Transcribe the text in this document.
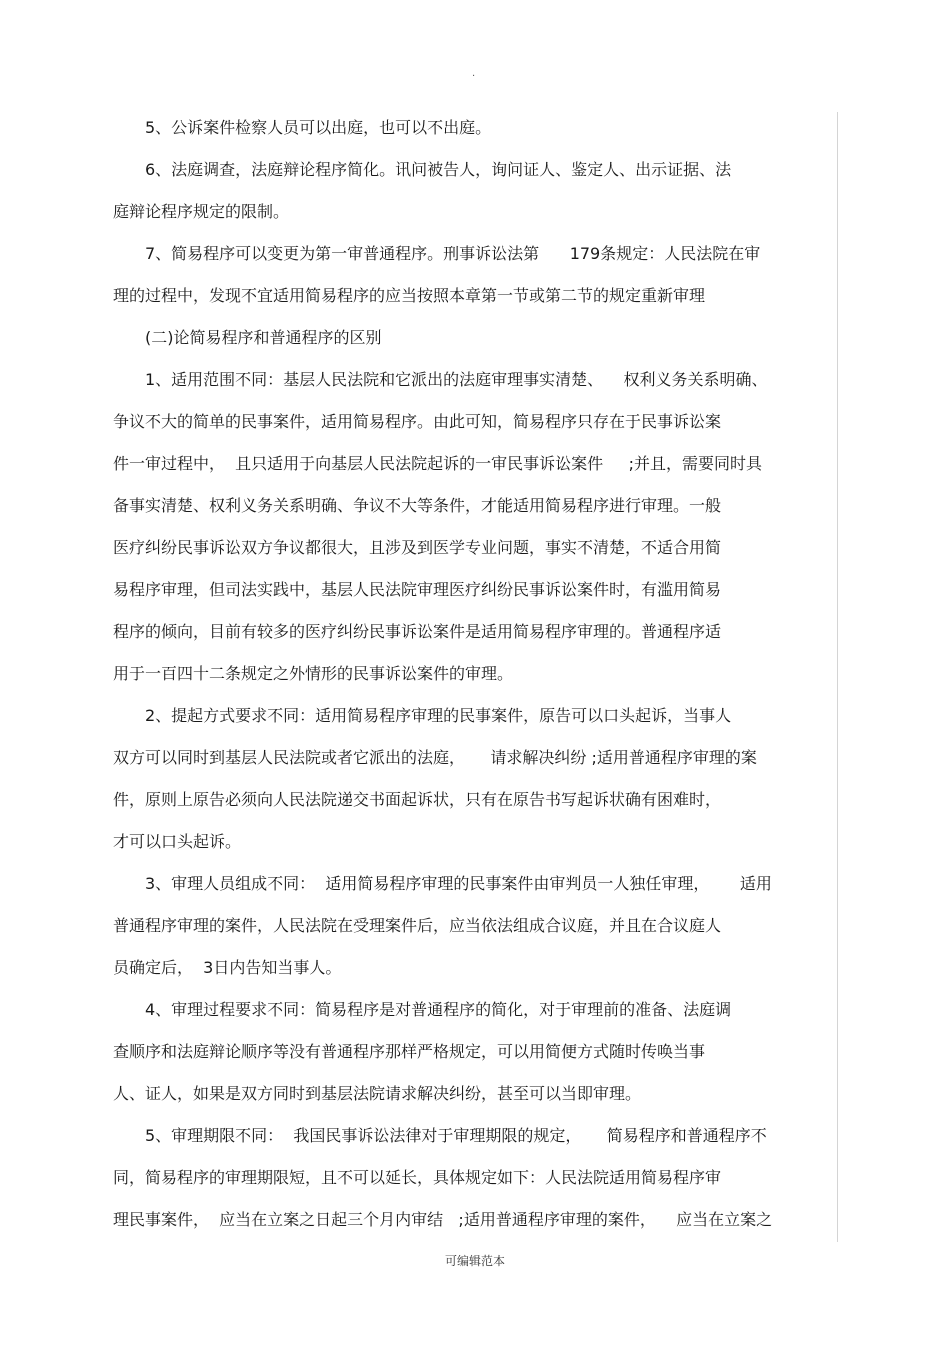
.
5、公诉案件检察人员可以出庭，也可以不出庭。
6、法庭调查，法庭辩论程序简化。讯问被告人，询问证人、鉴定人、出示证据、法
庭辩论程序规定的限制。
7、简易程序可以变更为第一审普通程序。刑事诉讼法第      179条规定：人民法院在审
理的过程中，发现不宜适用简易程序的应当按照本章第一节或第二节的规定重新审理
(二)论简易程序和普通程序的区别
1、适用范围不同：基层人民法院和它派出的法庭审理事实清楚、    权利义务关系明确、
争议不大的简单的民事案件，适用简易程序。由此可知，简易程序只存在于民事诉讼案
件一审过程中，  且只适用于向基层人民法院起诉的一审民事诉讼案件     ;并且，需要同时具
备事实清楚、权利义务关系明确、争议不大等条件，才能适用简易程序进行审理。一般
医疗纠纷民事诉讼双方争议都很大，且涉及到医学专业问题，事实不清楚，不适合用简
易程序审理，但司法实践中，基层人民法院审理医疗纠纷民事诉讼案件时，有滥用简易
程序的倾向，目前有较多的医疗纠纷民事诉讼案件是适用简易程序审理的。普通程序适
用于一百四十二条规定之外情形的民事诉讼案件的审理。
2、提起方式要求不同：适用简易程序审理的民事案件，原告可以口头起诉，当事人
双方可以同时到基层人民法院或者它派出的法庭，     请求解决纠纷 ;适用普通程序审理的案
件，原则上原告必须向人民法院递交书面起诉状，只有在原告书写起诉状确有困难时，
才可以口头起诉。
3、审理人员组成不同：  适用简易程序审理的民事案件由审判员一人独任审理，      适用
普通程序审理的案件，人民法院在受理案件后，应当依法组成合议庭，并且在合议庭人
员确定后，  3日内告知当事人。
4、审理过程要求不同：简易程序是对普通程序的简化，对于审理前的准备、法庭调
查顺序和法庭辩论顺序等没有普通程序那样严格规定，可以用简便方式随时传唤当事
人、证人，如果是双方同时到基层法院请求解决纠纷，甚至可以当即审理。
5、审理期限不同：  我国民事诉讼法律对于审理期限的规定，     简易程序和普通程序不
同，简易程序的审理期限短，且不可以延长，具体规定如下：人民法院适用简易程序审
理民事案件，  应当在立案之日起三个月内审结   ;适用普通程序审理的案件，    应当在立案之
可编辑范本
